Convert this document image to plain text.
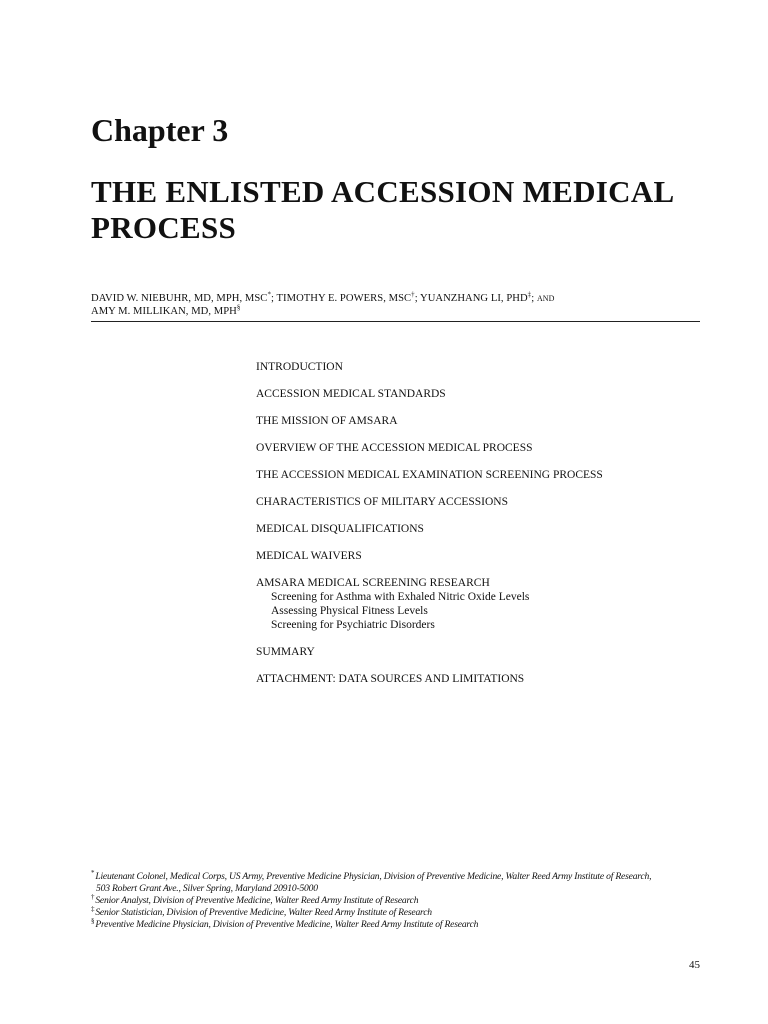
Chapter 3
THE ENLISTED ACCESSION MEDICAL PROCESS
DAVID W. NIEBUHR, MD, MPH, MSC*; TIMOTHY E. POWERS, MSC†; YUANZHANG LI, PHD‡; AND
AMY M. MILLIKAN, MD, MPH§
INTRODUCTION
ACCESSION MEDICAL STANDARDS
THE MISSION OF AMSARA
OVERVIEW OF THE ACCESSION MEDICAL PROCESS
THE ACCESSION MEDICAL EXAMINATION SCREENING PROCESS
CHARACTERISTICS OF MILITARY ACCESSIONS
MEDICAL DISQUALIFICATIONS
MEDICAL WAIVERS
AMSARA MEDICAL SCREENING RESEARCH
Screening for Asthma with Exhaled Nitric Oxide Levels
Assessing Physical Fitness Levels
Screening for Psychiatric Disorders
SUMMARY
ATTACHMENT: DATA SOURCES AND LIMITATIONS

*Lieutenant Colonel, Medical Corps, US Army, Preventive Medicine Physician, Division of Preventive Medicine, Walter Reed Army Institute of Research,
503 Robert Grant Ave., Silver Spring, Maryland 20910-5000

†Senior Analyst, Division of Preventive Medicine, Walter Reed Army Institute of Research

‡Senior Statistician, Division of Preventive Medicine, Walter Reed Army Institute of Research

§Preventive Medicine Physician, Division of Preventive Medicine, Walter Reed Army Institute of Research

45
